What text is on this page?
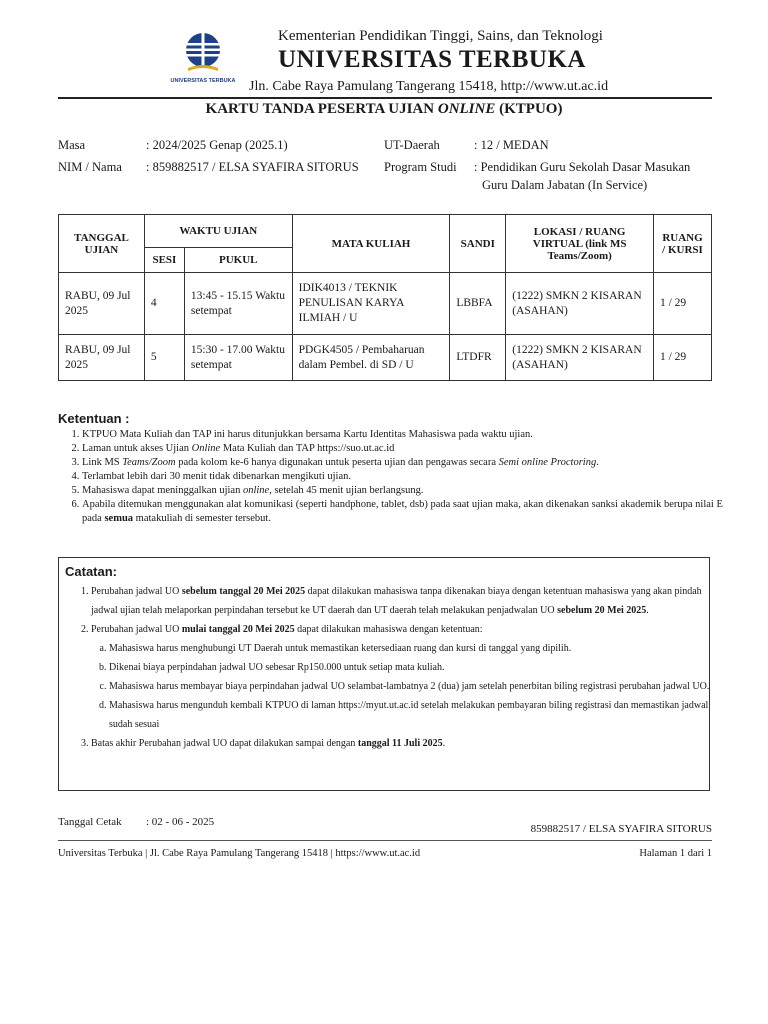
UNIVERSITAS TERBUKA
Kementerian Pendidikan Tinggi, Sains, dan Teknologi
UNIVERSITAS TERBUKA
Jln. Cabe Raya Pamulang Tangerang 15418, http://www.ut.ac.id
KARTU TANDA PESERTA UJIAN ONLINE (KTPUO)
Masa	: 2024/2025 Genap (2025.1)
NIM / Nama : 859882517 / ELSA SYAFIRA SITORUS
UT-Daerah	: 12 / MEDAN
Program Studi : Pendidikan Guru Sekolah Dasar Masukan
Guru Dalam Jabatan (In Service)
TANGGAL UJIAN	WAKTU UJIAN		MATA KULIAH	SANDI	LOKASI / RUANG VIRTUAL (link MS Teams/Zoom)	RUANG / KURSI
	SESI	PUKUL				
RABU, 09 Jul 2025	4	13:45 - 15.15 Waktu setempat	IDIK4013 / TEKNIK PENULISAN KARYA ILMIAH / U	LBBFA	(1222) SMKN 2 KISARAN (ASAHAN)	1 / 29
RABU, 09 Jul 2025	5	15:30 - 17.00 Waktu setempat	PDGK4505 / Pembaharuan dalam Pembel. di SD / U	LTDFR	(1222) SMKN 2 KISARAN (ASAHAN)	1 / 29
Ketentuan :
1. KTPUO Mata Kuliah dan TAP ini harus ditunjukkan bersama Kartu Identitas Mahasiswa pada waktu ujian.
2. Laman untuk akses Ujian Online Mata Kuliah dan TAP https://suo.ut.ac.id
3. Link MS Teams/Zoom pada kolom ke-6 hanya digunakan untuk peserta ujian dan pengawas secara Semi online Proctoring.
4. Terlambat lebih dari 30 menit tidak dibenarkan mengikuti ujian.
5. Mahasiswa dapat meninggalkan ujian online, setelah 45 menit ujian berlangsung.
6. Apabila ditemukan menggunakan alat komunikasi (seperti handphone, tablet, dsb) pada saat ujian maka, akan dikenakan sanksi akademik berupa nilai E pada semua matakuliah di semester tersebut.
Catatan:
1. Perubahan jadwal UO sebelum tanggal 20 Mei 2025 dapat dilakukan mahasiswa tanpa dikenakan biaya dengan ketentuan mahasiswa yang akan pindah jadwal ujian telah melaporkan perpindahan tersebut ke UT daerah dan UT daerah telah melakukan penjadwalan UO sebelum 20 Mei 2025.
2. Perubahan jadwal UO mulai tanggal 20 Mei 2025 dapat dilakukan mahasiswa dengan ketentuan:
a. Mahasiswa harus menghubungi UT Daerah untuk memastikan ketersediaan ruang dan kursi di tanggal yang dipilih.
b. Dikenai biaya perpindahan jadwal UO sebesar Rp150.000 untuk setiap mata kuliah.
c. Mahasiswa harus membayar biaya perpindahan jadwal UO selambat-lambatnya 2 (dua) jam setelah penerbitan biling registrasi perubahan jadwal UO.
d. Mahasiswa harus mengunduh kembali KTPUO di laman https://myut.ut.ac.id setelah melakukan pembayaran biling registrasi dan memastikan jadwal sudah sesuai
3. Batas akhir Perubahan jadwal UO dapat dilakukan sampai dengan tanggal 11 Juli 2025.
Tanggal Cetak : 02 - 06 - 2025
859882517 / ELSA SYAFIRA SITORUS
Universitas Terbuka | Jl. Cabe Raya Pamulang Tangerang 15418 | https://www.ut.ac.id	Halaman 1 dari 1
